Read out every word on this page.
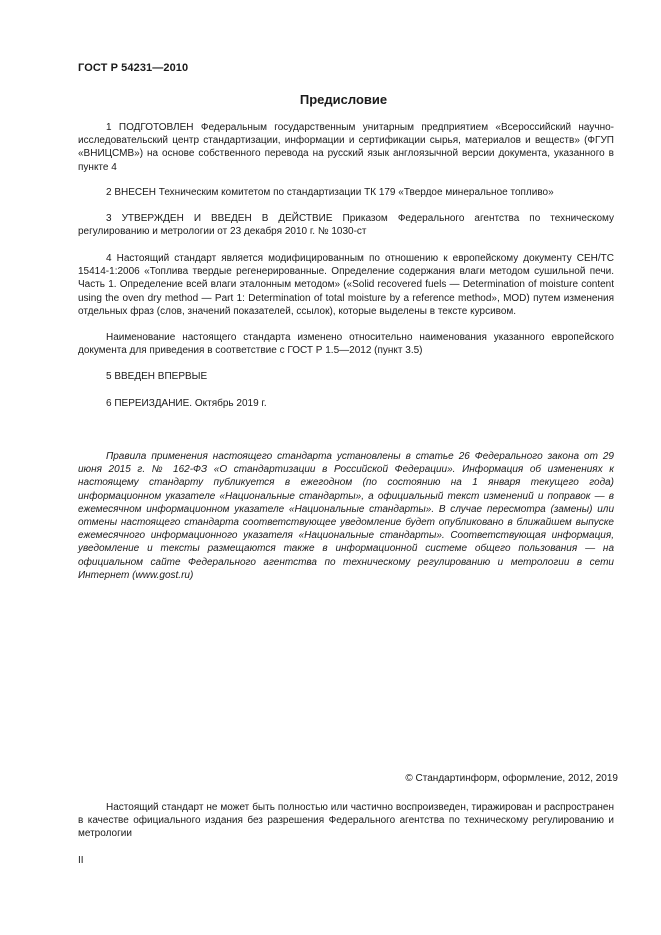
ГОСТ Р 54231—2010
Предисловие

1 ПОДГОТОВЛЕН Федеральным государственным унитарным предприятием «Всероссийский научно-исследовательский центр стандартизации, информации и сертификации сырья, материалов и веществ» (ФГУП «ВНИЦСМВ») на основе собственного перевода на русский язык англоязычной версии документа, указанного в пункте 4

2 ВНЕСЕН Техническим комитетом по стандартизации ТК 179 «Твердое минеральное топливо»

3 УТВЕРЖДЕН И ВВЕДЕН В ДЕЙСТВИЕ Приказом Федерального агентства по техническому регулированию и метрологии от 23 декабря 2010 г. № 1030-ст

4 Настоящий стандарт является модифицированным по отношению к европейскому документу CEH/TC 15414-1:2006 «Топлива твердые регенерированные. Определение содержания влаги методом сушильной печи. Часть 1. Определение всей влаги эталонным методом» («Solid recovered fuels — Determination of moisture content using the oven dry method — Part 1: Determination of total moisture by a reference method», MOD) путем изменения отдельных фраз (слов, значений показателей, ссылок), которые выделены в тексте курсивом.

Наименование настоящего стандарта изменено относительно наименования указанного европейского документа для приведения в соответствие с ГОСТ Р 1.5—2012 (пункт 3.5)

5 ВВЕДЕН ВПЕРВЫЕ

6 ПЕРЕИЗДАНИЕ. Октябрь 2019 г.

Правила применения настоящего стандарта установлены в статье 26 Федерального закона от 29 июня 2015 г. № 162-ФЗ «О стандартизации в Российской Федерации». Информация об изменениях к настоящему стандарту публикуется в ежегодном (по состоянию на 1 января текущего года) информационном указателе «Национальные стандарты», а официальный текст изменений и поправок — в ежемесячном информационном указателе «Национальные стандарты». В случае пересмотра (замены) или отмены настоящего стандарта соответствующее уведомление будет опубликовано в ближайшем выпуске ежемесячного информационного указателя «Национальные стандарты». Соответствующая информация, уведомление и тексты размещаются также в информационной системе общего пользования — на официальном сайте Федерального агентства по техническому регулированию и метрологии в сети Интернет (www.gost.ru)

© Стандартинформ, оформление, 2012, 2019

Настоящий стандарт не может быть полностью или частично воспроизведен, тиражирован и распространен в качестве официального издания без разрешения Федерального агентства по техническому регулированию и метрологии

II
